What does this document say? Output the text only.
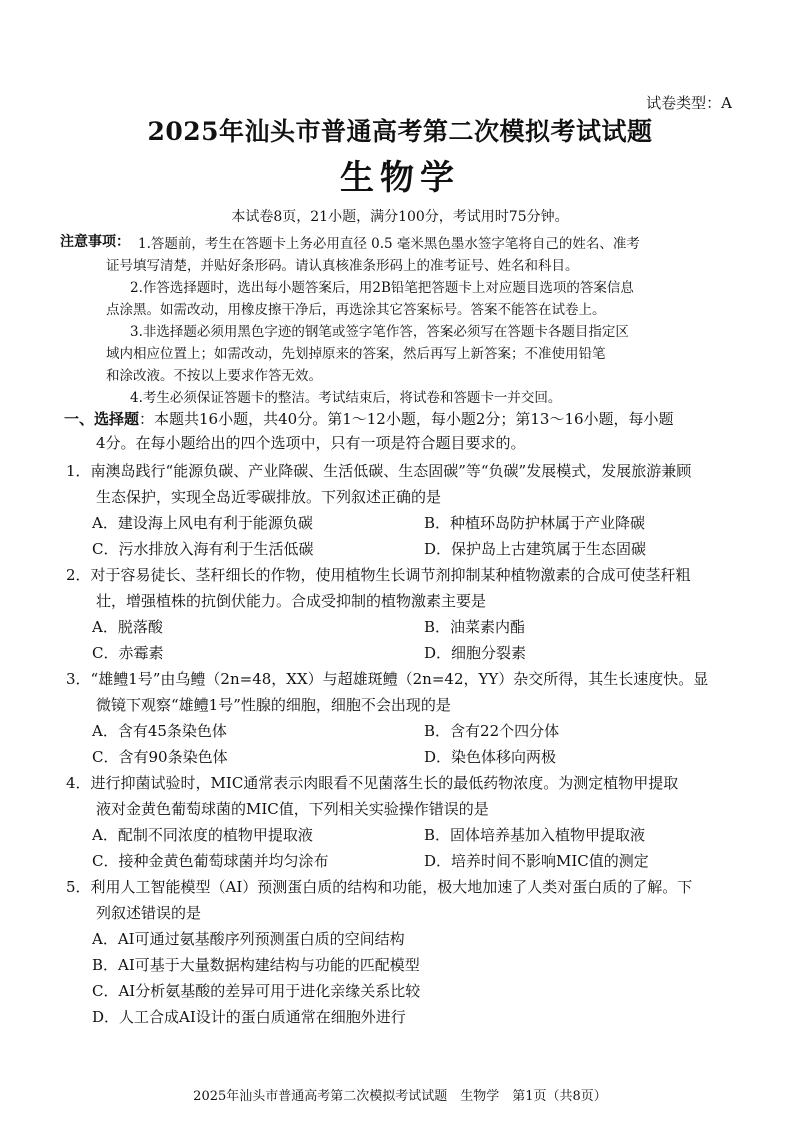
试卷类型：A
2025年汕头市普通高考第二次模拟考试试题
生物学
本试卷8页，21小题，满分100分，考试用时75分钟。
注意事项： 1.答题前，考生在答题卡上务必用直径 0.5 毫米黑色墨水签字笔将自己的姓名、准考
证号填写清楚，并贴好条形码。请认真核准条形码上的准考证号、姓名和科目。
2.作答选择题时，选出每小题答案后，用2B铅笔把答题卡上对应题目选项的答案信息
点涂黑。如需改动，用橡皮擦干净后，再选涂其它答案标号。答案不能答在试卷上。
3.非选择题必须用黑色字迹的钢笔或签字笔作答，答案必须写在答题卡各题目指定区
域内相应位置上；如需改动，先划掉原来的答案，然后再写上新答案；不准使用铅笔
和涂改液。不按以上要求作答无效。
4.考生必须保证答题卡的整洁。考试结束后，将试卷和答题卡一并交回。
一、选择题：本题共16小题，共40分。第1～12小题，每小题2分；第13～16小题，每小题
4分。在每小题给出的四个选项中，只有一项是符合题目要求的。
1．南澳岛践行“能源负碳、产业降碳、生活低碳、生态固碳”等“负碳”发展模式，发展旅游兼顾
生态保护，实现全岛近零碳排放。下列叙述正确的是
A．建设海上风电有利于能源负碳	B．种植环岛防护林属于产业降碳
C．污水排放入海有利于生活低碳	D．保护岛上古建筑属于生态固碳
2．对于容易徒长、茎秆细长的作物，使用植物生长调节剂抑制某种植物激素的合成可使茎秆粗
壮，增强植株的抗倒伏能力。合成受抑制的植物激素主要是
A．脱落酸	B．油菜素内酯
C．赤霉素	D．细胞分裂素
3．“雄鳢1号”由乌鳢（2n=48，XX）与超雄斑鳢（2n=42，YY）杂交所得，其生长速度快。显
微镜下观察“雄鳢1号”性腺的细胞，细胞不会出现的是
A．含有45条染色体	B．含有22个四分体
C．含有90条染色体	D．染色体移向两极
4．进行抑菌试验时，MIC通常表示肉眼看不见菌落生长的最低药物浓度。为测定植物甲提取
液对金黄色葡萄球菌的MIC值，下列相关实验操作错误的是
A．配制不同浓度的植物甲提取液	B．固体培养基加入植物甲提取液
C．接种金黄色葡萄球菌并均匀涂布	D．培养时间不影响MIC值的测定
5．利用人工智能模型（AI）预测蛋白质的结构和功能，极大地加速了人类对蛋白质的了解。下
列叙述错误的是
A．AI可通过氨基酸序列预测蛋白质的空间结构
B．AI可基于大量数据构建结构与功能的匹配模型
C．AI分析氨基酸的差异可用于进化亲缘关系比较
D．人工合成AI设计的蛋白质通常在细胞外进行
2025年汕头市普通高考第二次模拟考试试题　生物学　第1页（共8页）
